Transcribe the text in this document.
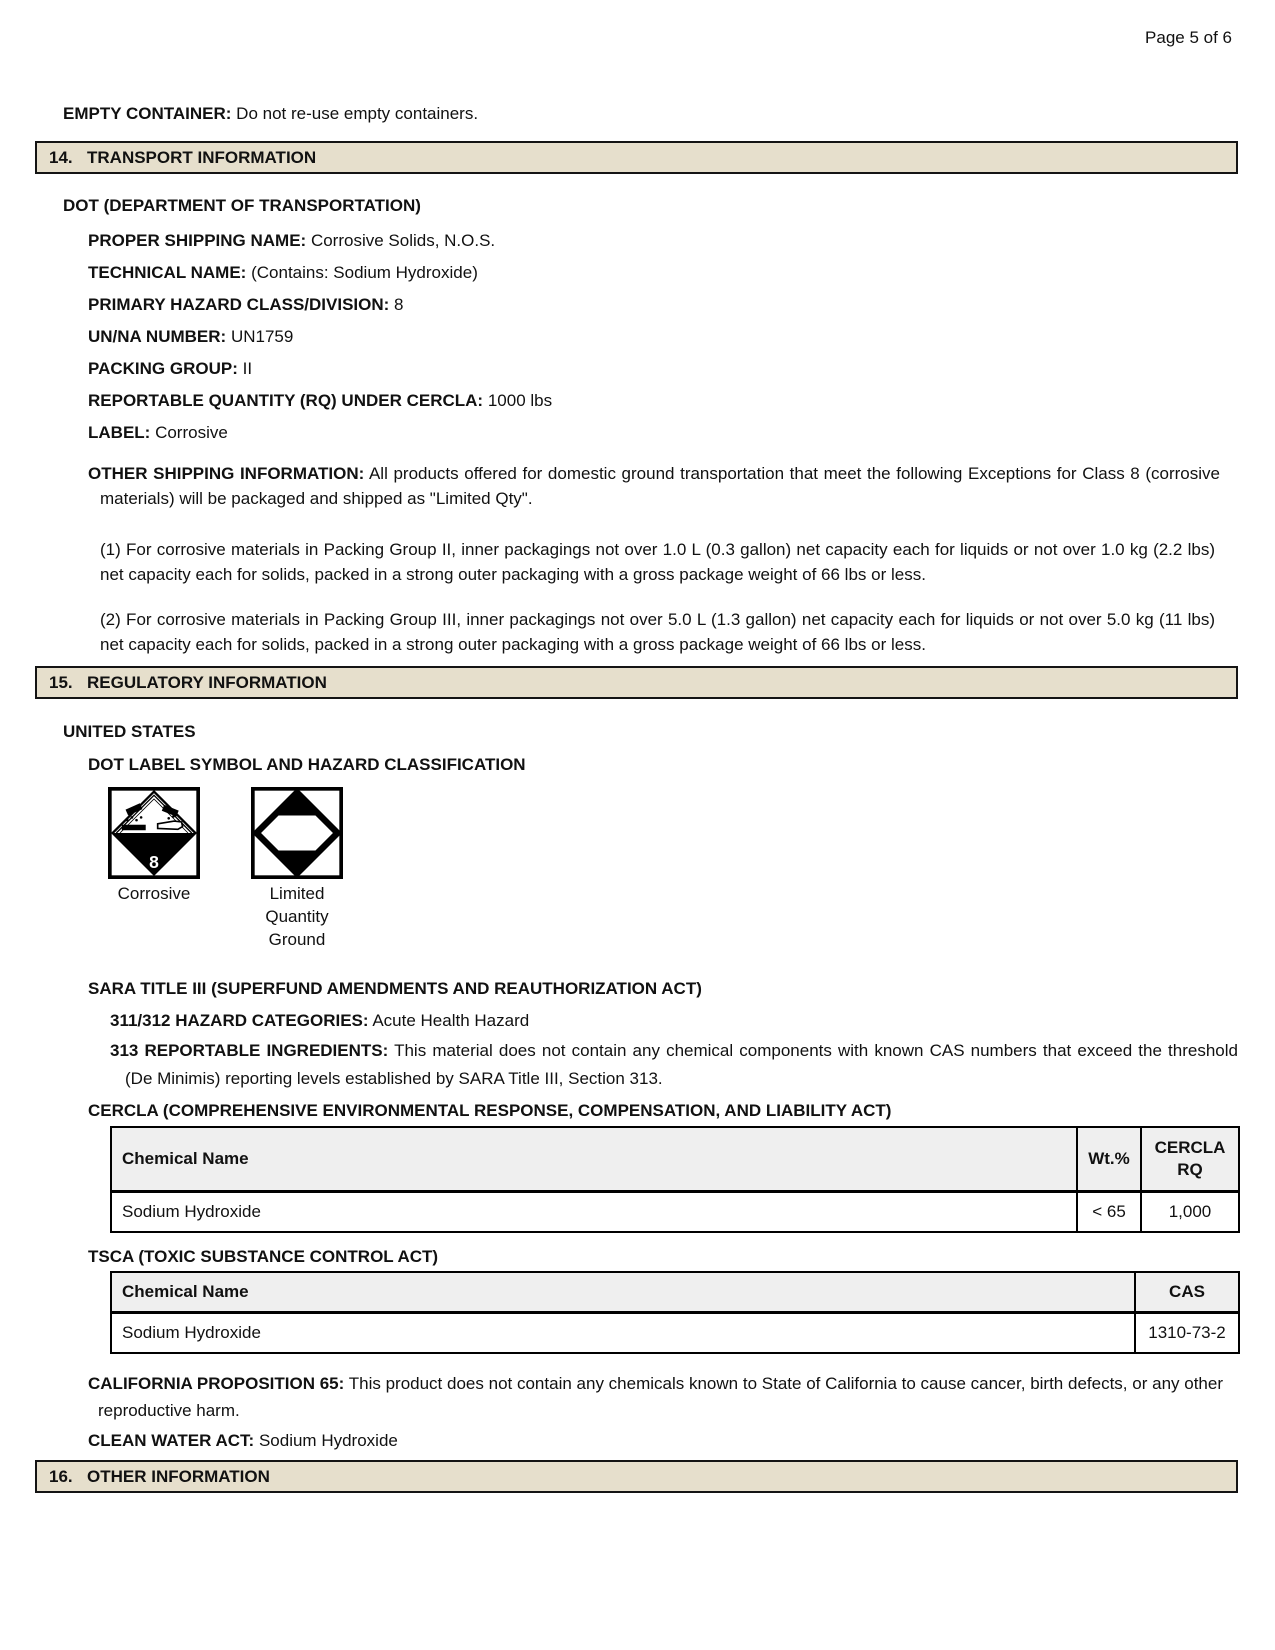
Page 5 of 6
EMPTY CONTAINER: Do not re-use empty containers.
14. TRANSPORT INFORMATION
DOT (DEPARTMENT OF TRANSPORTATION)
PROPER SHIPPING NAME: Corrosive Solids, N.O.S.
TECHNICAL NAME: (Contains: Sodium Hydroxide)
PRIMARY HAZARD CLASS/DIVISION: 8
UN/NA NUMBER: UN1759
PACKING GROUP: II
REPORTABLE QUANTITY (RQ) UNDER CERCLA: 1000 lbs
LABEL: Corrosive
OTHER SHIPPING INFORMATION: All products offered for domestic ground transportation that meet the following Exceptions for Class 8 (corrosive materials) will be packaged and shipped as "Limited Qty".
(1) For corrosive materials in Packing Group II, inner packagings not over 1.0 L (0.3 gallon) net capacity each for liquids or not over 1.0 kg (2.2 lbs) net capacity each for solids, packed in a strong outer packaging with a gross package weight of 66 lbs or less.
(2) For corrosive materials in Packing Group III, inner packagings not over 5.0 L (1.3 gallon) net capacity each for liquids or not over 5.0 kg (11 lbs) net capacity each for solids, packed in a strong outer packaging with a gross package weight of 66 lbs or less.
15. REGULATORY INFORMATION
UNITED STATES
DOT LABEL SYMBOL AND HAZARD CLASSIFICATION
8
Corrosive	Limited Quantity Ground
SARA TITLE III (SUPERFUND AMENDMENTS AND REAUTHORIZATION ACT)
311/312 HAZARD CATEGORIES: Acute Health Hazard
313 REPORTABLE INGREDIENTS: This material does not contain any chemical components with known CAS numbers that exceed the threshold (De Minimis) reporting levels established by SARA Title III, Section 313.
CERCLA (COMPREHENSIVE ENVIRONMENTAL RESPONSE, COMPENSATION, AND LIABILITY ACT)
Chemical Name	Wt.%	CERCLA RQ
Sodium Hydroxide	< 65	1,000
TSCA (TOXIC SUBSTANCE CONTROL ACT)
Chemical Name	CAS
Sodium Hydroxide	1310-73-2
CALIFORNIA PROPOSITION 65: This product does not contain any chemicals known to State of California to cause cancer, birth defects, or any other reproductive harm.
CLEAN WATER ACT: Sodium Hydroxide
16. OTHER INFORMATION
